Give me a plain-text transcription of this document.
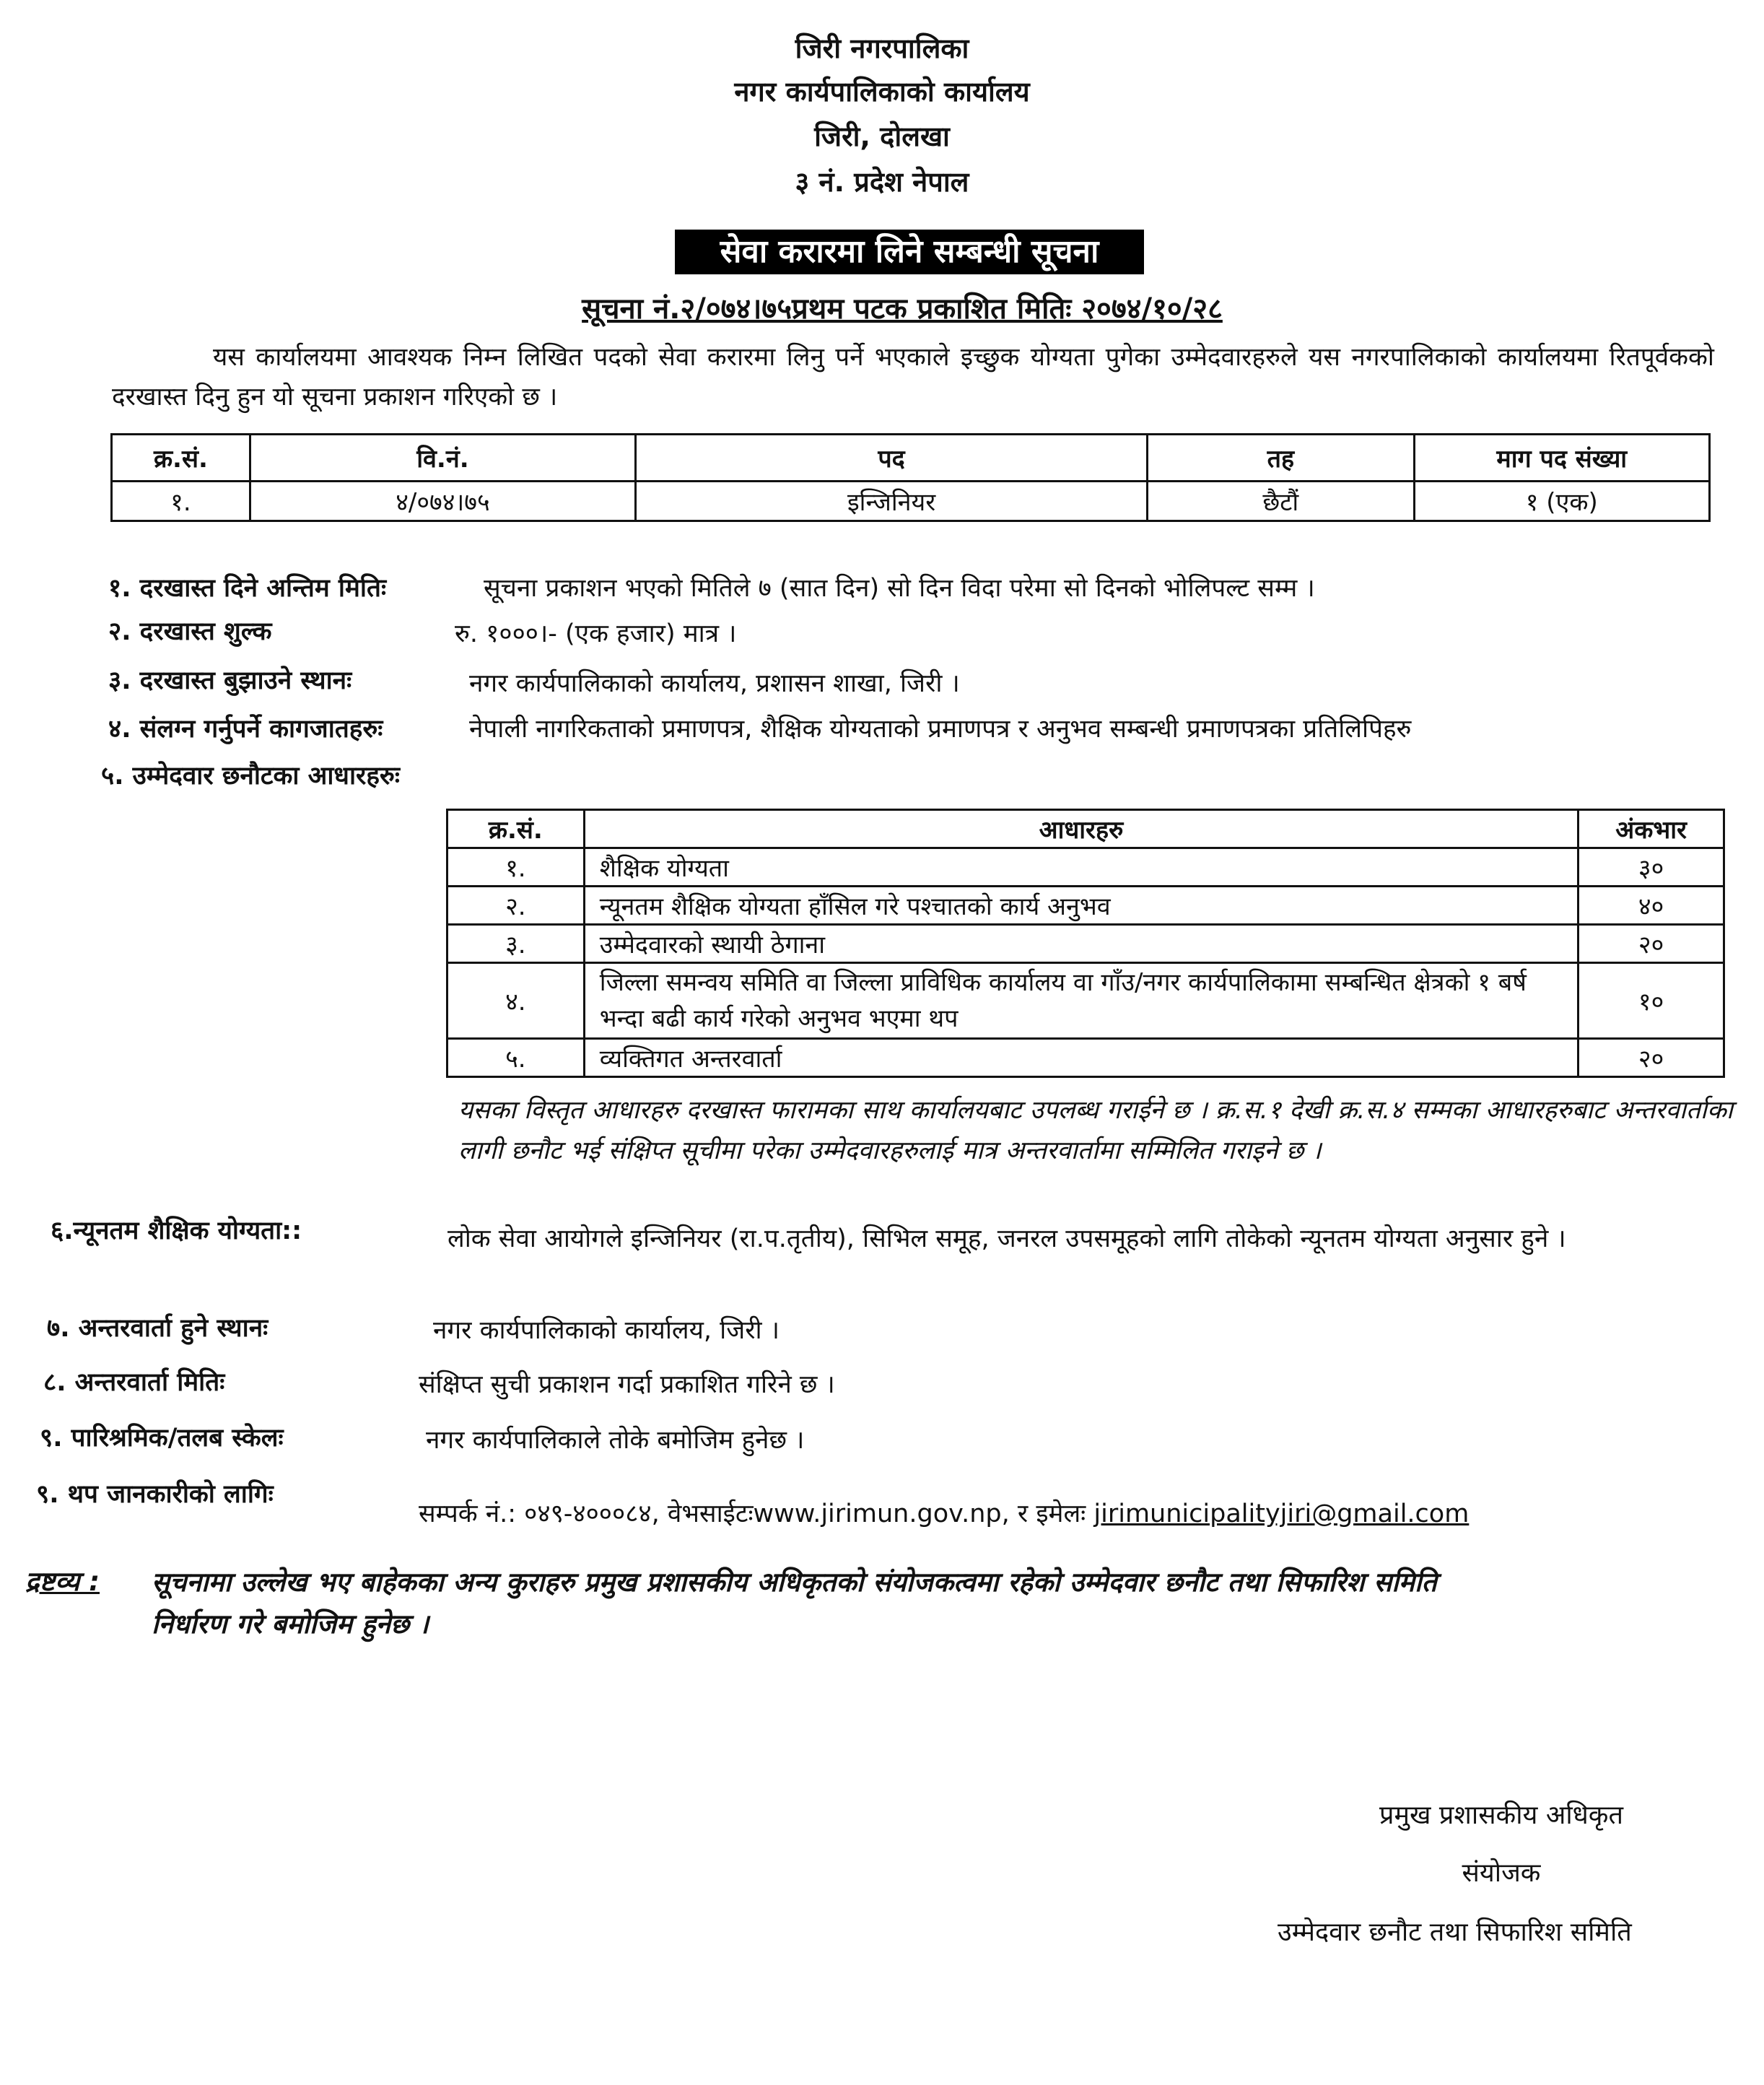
जिरी नगरपालिका
नगर कार्यपालिकाको कार्यालय
जिरी, दोलखा
३ नं. प्रदेश नेपाल
सेवा करारमा लिने सम्बन्धी सूचना
सूचना नं.२/०७४।७५प्रथम पटक प्रकाशित मितिः २०७४/१०/२८
यस कार्यालयमा आवश्यक निम्न लिखित पदको सेवा करारमा लिनु पर्ने भएकाले इच्छुक योग्यता पुगेका उम्मेदवारहरुले यस नगरपालिकाको कार्यालयमा रितपूर्वकको दरखास्त दिनु हुन यो सूचना प्रकाशन गरिएको छ ।
क्र.सं.	वि.नं.	पद	तह	माग पद संख्या
१.	४/०७४।७५	इन्जिनियर	छैटौं	१ (एक)
१. दरखास्त दिने अन्तिम मितिः	सूचना प्रकाशन भएको मितिले ७ (सात दिन) सो दिन विदा परेमा सो दिनको भोलिपल्ट सम्म ।
२. दरखास्त शुल्क	रु. १०००।- (एक हजार) मात्र ।
३. दरखास्त बुझाउने स्थानः	नगर कार्यपालिकाको कार्यालय, प्रशासन शाखा, जिरी ।
४. संलग्न गर्नुपर्ने कागजातहरुः	नेपाली नागरिकताको प्रमाणपत्र, शैक्षिक योग्यताको प्रमाणपत्र र अनुभव सम्बन्धी प्रमाणपत्रका प्रतिलिपिहरु
५. उम्मेदवार छनौटका आधारहरुः
क्र.सं.	आधारहरु	अंकभार
१.	शैक्षिक योग्यता	३०
२.	न्यूनतम शैक्षिक योग्यता हाँसिल गरे पश्चातको कार्य अनुभव	४०
३.	उम्मेदवारको स्थायी ठेगाना	२०
४.	जिल्ला समन्वय समिति वा जिल्ला प्राविधिक कार्यालय वा गाँउ/नगर कार्यपालिकामा सम्बन्धित क्षेत्रको १ बर्ष भन्दा बढी कार्य गरेको अनुभव भएमा थप	१०
५.	व्यक्तिगत अन्तरवार्ता	२०
यसका विस्तृत आधारहरु दरखास्त फारामका साथ कार्यालयबाट उपलब्ध गराईने छ । क्र.स.१ देखी क्र.स.४ सम्मका आधारहरुबाट अन्तरवार्ताका लागी छनौट भई संक्षिप्त सूचीमा परेका उम्मेदवारहरुलाई मात्र अन्तरवार्तामा सम्मिलित गराइने छ ।
६.न्यूनतम शैक्षिक योग्यता::	लोक सेवा आयोगले इन्जिनियर (रा.प.तृतीय), सिभिल समूह, जनरल उपसमूहको लागि तोकेको न्यूनतम योग्यता अनुसार हुने ।
७. अन्तरवार्ता हुने स्थानः	नगर कार्यपालिकाको कार्यालय, जिरी ।
८. अन्तरवार्ता मितिः	संक्षिप्त सुची प्रकाशन गर्दा प्रकाशित गरिने छ ।
९. पारिश्रमिक/तलब स्केलः	नगर कार्यपालिकाले तोके बमोजिम हुनेछ ।
९. थप जानकारीको लागिः
सम्पर्क नं.: ०४९-४०००८४, वेभसाईटःwww.jirimun.gov.np, र इमेलः jirimunicipalityjiri@gmail.com
द्रष्टव्य :	सूचनामा उल्लेख भए बाहेकका अन्य कुराहरु प्रमुख प्रशासकीय अधिकृतको संयोजकत्वमा रहेको उम्मेदवार छनौट तथा सिफारिश समिति
निर्धारण गरे बमोजिम हुनेछ ।
प्रमुख प्रशासकीय अधिकृत
संयोजक
उम्मेदवार छनौट तथा सिफारिश समिति
